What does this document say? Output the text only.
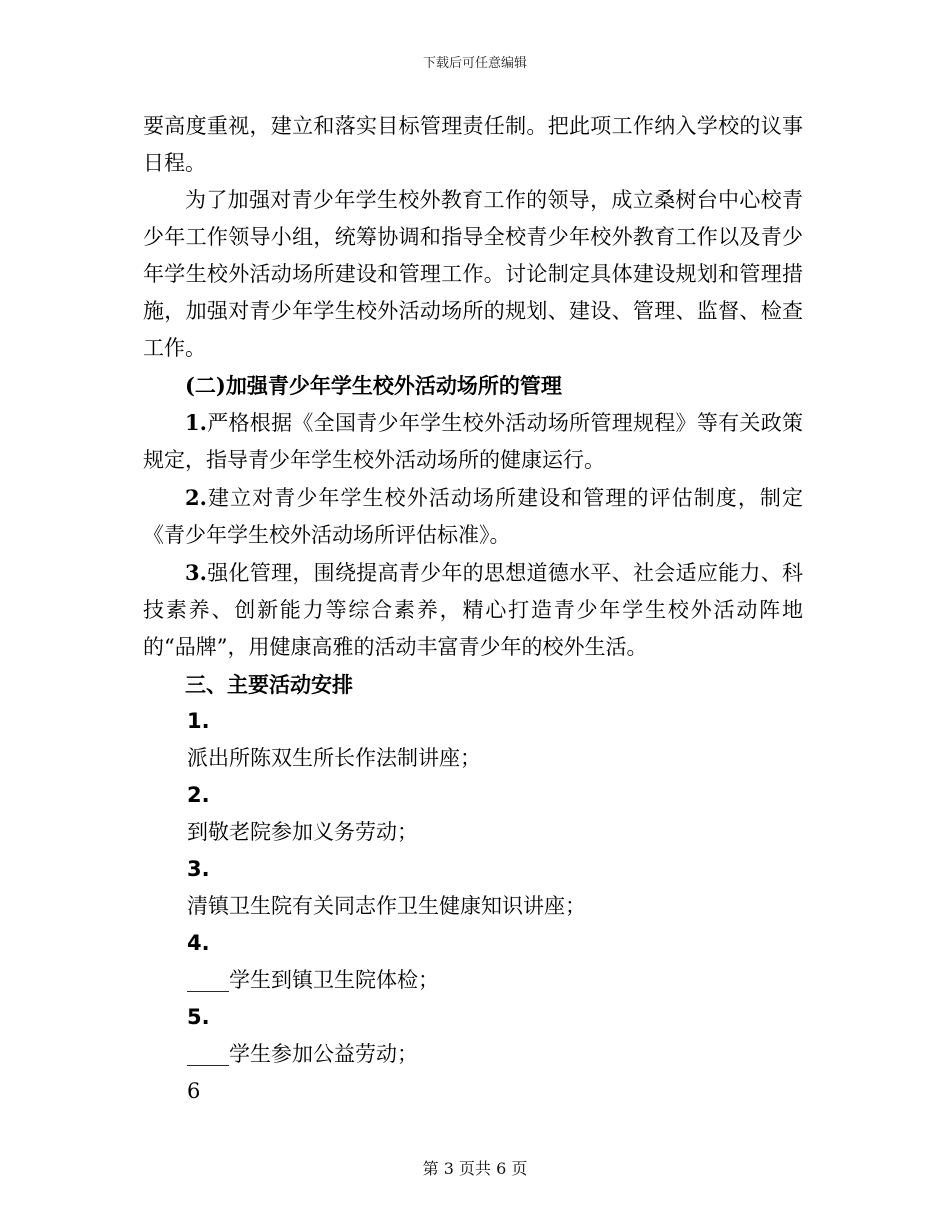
下载后可任意编辑

要高度重视，建立和落实目标管理责任制。把此项工作纳入学校的议事日程。

为了加强对青少年学生校外教育工作的领导，成立桑树台中心校青少年工作领导小组，统筹协调和指导全校青少年校外教育工作以及青少年学生校外活动场所建设和管理工作。讨论制定具体建设规划和管理措施，加强对青少年学生校外活动场所的规划、建设、管理、监督、检查工作。

(二)加强青少年学生校外活动场所的管理

1.严格根据《全国青少年学生校外活动场所管理规程》等有关政策规定，指导青少年学生校外活动场所的健康运行。

2.建立对青少年学生校外活动场所建设和管理的评估制度，制定《青少年学生校外活动场所评估标准》。

3.强化管理，围绕提高青少年的思想道德水平、社会适应能力、科技素养、创新能力等综合素养，精心打造青少年学生校外活动阵地的“品牌”，用健康高雅的活动丰富青少年的校外生活。

三、主要活动安排

1.

派出所陈双生所长作法制讲座；

2.

到敬老院参加义务劳动；

3.

清镇卫生院有关同志作卫生健康知识讲座；

4.

____学生到镇卫生院体检；

5.

____学生参加公益劳动；

6

第 3 页共 6 页
